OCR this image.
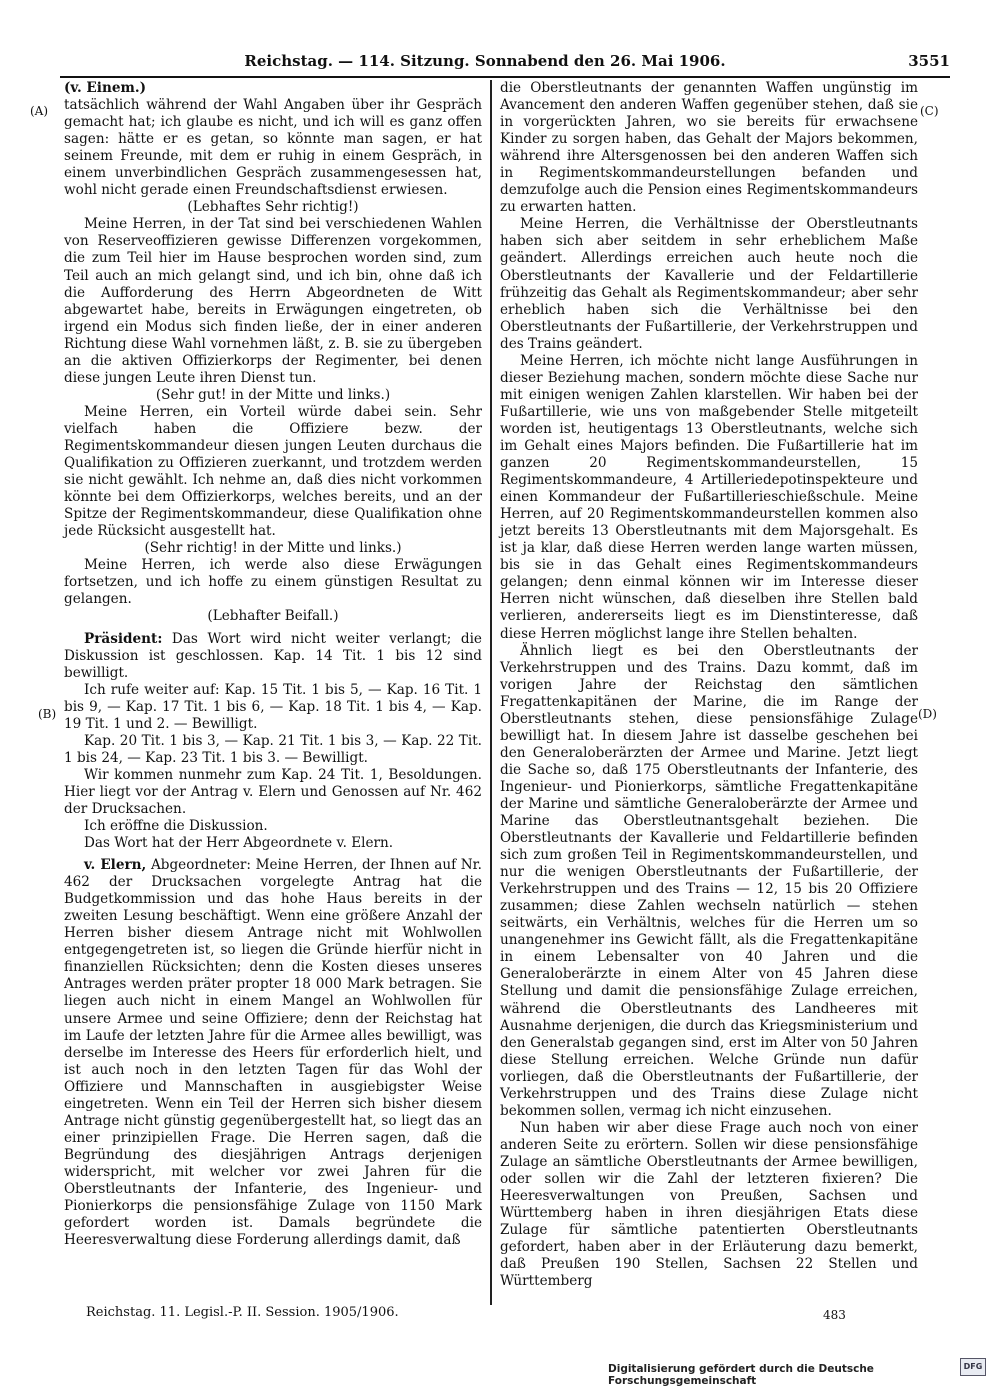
Reichstag. — 114. Sitzung. Sonnabend den 26. Mai 1906.	3551
(A)
(B)
(C)
(D)

(v. Einem.)

tatsächlich während der Wahl Angaben über ihr Gespräch gemacht hat; ich glaube es nicht, und ich will es ganz offen sagen: hätte er es getan, so könnte man sagen, er hat seinem Freunde, mit dem er ruhig in einem Gespräch, in einem unverbindlichen Gespräch zusammengesessen hat, wohl nicht gerade einen Freundschaftsdienst erwiesen.

(Lebhaftes Sehr richtig!)

Meine Herren, in der Tat sind bei verschiedenen Wahlen von Reserveoffizieren gewisse Differenzen vorgekommen, die zum Teil hier im Hause besprochen worden sind, zum Teil auch an mich gelangt sind, und ich bin, ohne daß ich die Aufforderung des Herrn Abgeordneten de Witt abgewartet habe, bereits in Erwägungen eingetreten, ob irgend ein Modus sich finden ließe, der in einer anderen Richtung diese Wahl vornehmen läßt, z. B. sie zu übergeben an die aktiven Offizierkorps der Regimenter, bei denen diese jungen Leute ihren Dienst tun.

(Sehr gut! in der Mitte und links.)

Meine Herren, ein Vorteil würde dabei sein. Sehr vielfach haben die Offiziere bezw. der Regimentskommandeur diesen jungen Leuten durchaus die Qualifikation zu Offizieren zuerkannt, und trotzdem werden sie nicht gewählt. Ich nehme an, daß dies nicht vorkommen könnte bei dem Offizierkorps, welches bereits, und an der Spitze der Regimentskommandeur, diese Qualifikation ohne jede Rücksicht ausgestellt hat.

(Sehr richtig! in der Mitte und links.)

Meine Herren, ich werde also diese Erwägungen fortsetzen, und ich hoffe zu einem günstigen Resultat zu gelangen.

(Lebhafter Beifall.)

Präsident: Das Wort wird nicht weiter verlangt; die Diskussion ist geschlossen. Kap. 14 Tit. 1 bis 12 sind bewilligt.

Ich rufe weiter auf: Kap. 15 Tit. 1 bis 5, — Kap. 16 Tit. 1 bis 9, — Kap. 17 Tit. 1 bis 6, — Kap. 18 Tit. 1 bis 4, — Kap. 19 Tit. 1 und 2. — Bewilligt.

Kap. 20 Tit. 1 bis 3, — Kap. 21 Tit. 1 bis 3, — Kap. 22 Tit. 1 bis 24, — Kap. 23 Tit. 1 bis 3. — Bewilligt.

Wir kommen nunmehr zum Kap. 24 Tit. 1, Besoldungen. Hier liegt vor der Antrag v. Elern und Genossen auf Nr. 462 der Drucksachen.

Ich eröffne die Diskussion.

Das Wort hat der Herr Abgeordnete v. Elern.

v. Elern, Abgeordneter: Meine Herren, der Ihnen auf Nr. 462 der Drucksachen vorgelegte Antrag hat die Budgetkommission und das hohe Haus bereits in der zweiten Lesung beschäftigt. Wenn eine größere Anzahl der Herren bisher diesem Antrage nicht mit Wohlwollen entgegengetreten ist, so liegen die Gründe hierfür nicht in finanziellen Rücksichten; denn die Kosten dieses unseres Antrages werden präter propter 18 000 Mark betragen. Sie liegen auch nicht in einem Mangel an Wohlwollen für unsere Armee und seine Offiziere; denn der Reichstag hat im Laufe der letzten Jahre für die Armee alles bewilligt, was derselbe im Interesse des Heers für erforderlich hielt, und ist auch noch in den letzten Tagen für das Wohl der Offiziere und Mannschaften in ausgiebigster Weise eingetreten. Wenn ein Teil der Herren sich bisher diesem Antrage nicht günstig gegenübergestellt hat, so liegt das an einer prinzipiellen Frage. Die Herren sagen, daß die Begründung des diesjährigen Antrags derjenigen widerspricht, mit welcher vor zwei Jahren für die Oberstleutnants der Infanterie, des Ingenieur- und Pionierkorps die pensionsfähige Zulage von 1150 Mark gefordert worden ist. Damals begründete die Heeresverwaltung diese Forderung allerdings damit, daß

die Oberstleutnants der genannten Waffen ungünstig im Avancement den anderen Waffen gegenüber stehen, daß sie in vorgerückten Jahren, wo sie bereits für erwachsene Kinder zu sorgen haben, das Gehalt der Majors bekommen, während ihre Altersgenossen bei den anderen Waffen sich in Regimentskommandeurstellungen befanden und demzufolge auch die Pension eines Regimentskommandeurs zu erwarten hatten.

Meine Herren, die Verhältnisse der Oberstleutnants haben sich aber seitdem in sehr erheblichem Maße geändert. Allerdings erreichen auch heute noch die Oberstleutnants der Kavallerie und der Feldartillerie frühzeitig das Gehalt als Regimentskommandeur; aber sehr erheblich haben sich die Verhältnisse bei den Oberstleutnants der Fußartillerie, der Verkehrstruppen und des Trains geändert.

Meine Herren, ich möchte nicht lange Ausführungen in dieser Beziehung machen, sondern möchte diese Sache nur mit einigen wenigen Zahlen klarstellen. Wir haben bei der Fußartillerie, wie uns von maßgebender Stelle mitgeteilt worden ist, heutigentags 13 Oberstleutnants, welche sich im Gehalt eines Majors befinden. Die Fußartillerie hat im ganzen 20 Regimentskommandeurstellen, 15 Regimentskommandeure, 4 Artilleriedepotinspekteure und einen Kommandeur der Fußartillerieschießschule. Meine Herren, auf 20 Regimentskommandeurstellen kommen also jetzt bereits 13 Oberstleutnants mit dem Majorsgehalt. Es ist ja klar, daß diese Herren werden lange warten müssen, bis sie in das Gehalt eines Regimentskommandeurs gelangen; denn einmal können wir im Interesse dieser Herren nicht wünschen, daß dieselben ihre Stellen bald verlieren, andererseits liegt es im Dienstinteresse, daß diese Herren möglichst lange ihre Stellen behalten.

Ähnlich liegt es bei den Oberstleutnants der Verkehrstruppen und des Trains. Dazu kommt, daß im vorigen Jahre der Reichstag den sämtlichen Fregattenkapitänen der Marine, die im Range der Oberstleutnants stehen, diese pensionsfähige Zulage bewilligt hat. In diesem Jahre ist dasselbe geschehen bei den Generaloberärzten der Armee und Marine. Jetzt liegt die Sache so, daß 175 Oberstleutnants der Infanterie, des Ingenieur- und Pionierkorps, sämtliche Fregattenkapitäne der Marine und sämtliche Generaloberärzte der Armee und Marine das Oberstleutnantsgehalt beziehen. Die Oberstleutnants der Kavallerie und Feldartillerie befinden sich zum großen Teil in Regimentskommandeurstellen, und nur die wenigen Oberstleutnants der Fußartillerie, der Verkehrstruppen und des Trains — 12, 15 bis 20 Offiziere zusammen; diese Zahlen wechseln natürlich — stehen seitwärts, ein Verhältnis, welches für die Herren um so unangenehmer ins Gewicht fällt, als die Fregattenkapitäne in einem Lebensalter von 40 Jahren und die Generaloberärzte in einem Alter von 45 Jahren diese Stellung und damit die pensionsfähige Zulage erreichen, während die Oberstleutnants des Landheeres mit Ausnahme derjenigen, die durch das Kriegsministerium und den Generalstab gegangen sind, erst im Alter von 50 Jahren diese Stellung erreichen. Welche Gründe nun dafür vorliegen, daß die Oberstleutnants der Fußartillerie, der Verkehrstruppen und des Trains diese Zulage nicht bekommen sollen, vermag ich nicht einzusehen.

Nun haben wir aber diese Frage auch noch von einer anderen Seite zu erörtern. Sollen wir diese pensionsfähige Zulage an sämtliche Oberstleutnants der Armee bewilligen, oder sollen wir die Zahl der letzteren fixieren? Die Heeresverwaltungen von Preußen, Sachsen und Württemberg haben in ihren diesjährigen Etats diese Zulage für sämtliche patentierten Oberstleutnants gefordert, haben aber in der Erläuterung dazu bemerkt, daß Preußen 190 Stellen, Sachsen 22 Stellen und Württemberg

Reichstag. 11. Legisl.-P. II. Session. 1905/1906.	483
Digitalisierung gefördert durch die Deutsche Forschungsgemeinschaft
DFG
